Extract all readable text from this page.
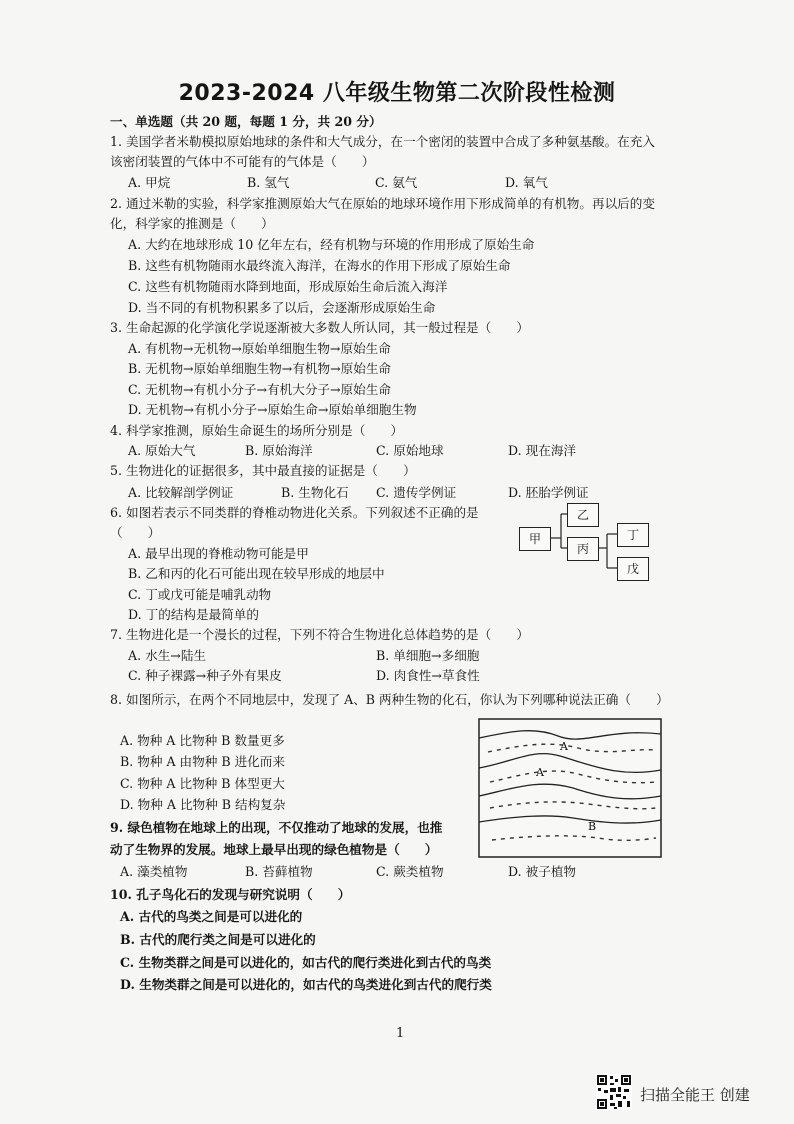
2023-2024 八年级生物第二次阶段性检测
一、单选题（共 20 题，每题 1 分，共 20 分）
1. 美国学者米勒模拟原始地球的条件和大气成分，在一个密闭的装置中合成了多种氨基酸。在充入
该密闭装置的气体中不可能有的气体是（　　）
A. 甲烷	B. 氢气	C. 氨气	D. 氧气
2. 通过米勒的实验，科学家推测原始大气在原始的地球环境作用下形成简单的有机物。再以后的变
化，科学家的推测是（　　）
A. 大约在地球形成 10 亿年左右，经有机物与环境的作用形成了原始生命
B. 这些有机物随雨水最终流入海洋，在海水的作用下形成了原始生命
C. 这些有机物随雨水降到地面，形成原始生命后流入海洋
D. 当不同的有机物积累多了以后，会逐渐形成原始生命
3. 生命起源的化学演化学说逐渐被大多数人所认同，其一般过程是（　　）
A. 有机物→无机物→原始单细胞生物→原始生命
B. 无机物→原始单细胞生物→有机物→原始生命
C. 无机物→有机小分子→有机大分子→原始生命
D. 无机物→有机小分子→原始生命→原始单细胞生物
4. 科学家推测，原始生命诞生的场所分别是（　　）
A. 原始大气	B. 原始海洋	C. 原始地球	D. 现在海洋
5. 生物进化的证据很多，其中最直接的证据是（　　）
A. 比较解剖学例证	B. 生物化石 C. 遗传学例证	D. 胚胎学例证
6. 如图若表示不同类群的脊椎动物进化关系。下列叙述不正确的是
（　　）
A. 最早出现的脊椎动物可能是甲
B. 乙和丙的化石可能出现在较早形成的地层中
C. 丁或戊可能是哺乳动物
D. 丁的结构是最简单的
甲
乙
丙
丁
戊
7. 生物进化是一个漫长的过程，下列不符合生物进化总体趋势的是（　　）
A. 水生→陆生	B. 单细胞→多细胞
C. 种子裸露→种子外有果皮	D. 肉食性→草食性
8. 如图所示，在两个不同地层中，发现了 A、B 两种生物的化石，你认为下列哪种说法正确（　　）
A. 物种 A 比物种 B 数量更多
B. 物种 A 由物种 B 进化而来
C. 物种 A 比物种 B 体型更大
D. 物种 A 比物种 B 结构复杂
A
A
B
9. 绿色植物在地球上的出现，不仅推动了地球的发展，也推
动了生物界的发展。地球上最早出现的绿色植物是（　　）
A. 藻类植物	B. 苔藓植物	C. 蕨类植物	D. 被子植物
10. 孔子鸟化石的发现与研究说明（　　）
A. 古代的鸟类之间是可以进化的
B. 古代的爬行类之间是可以进化的
C. 生物类群之间是可以进化的，如古代的爬行类进化到古代的鸟类
D. 生物类群之间是可以进化的，如古代的鸟类进化到古代的爬行类
1
扫描全能王 创建
